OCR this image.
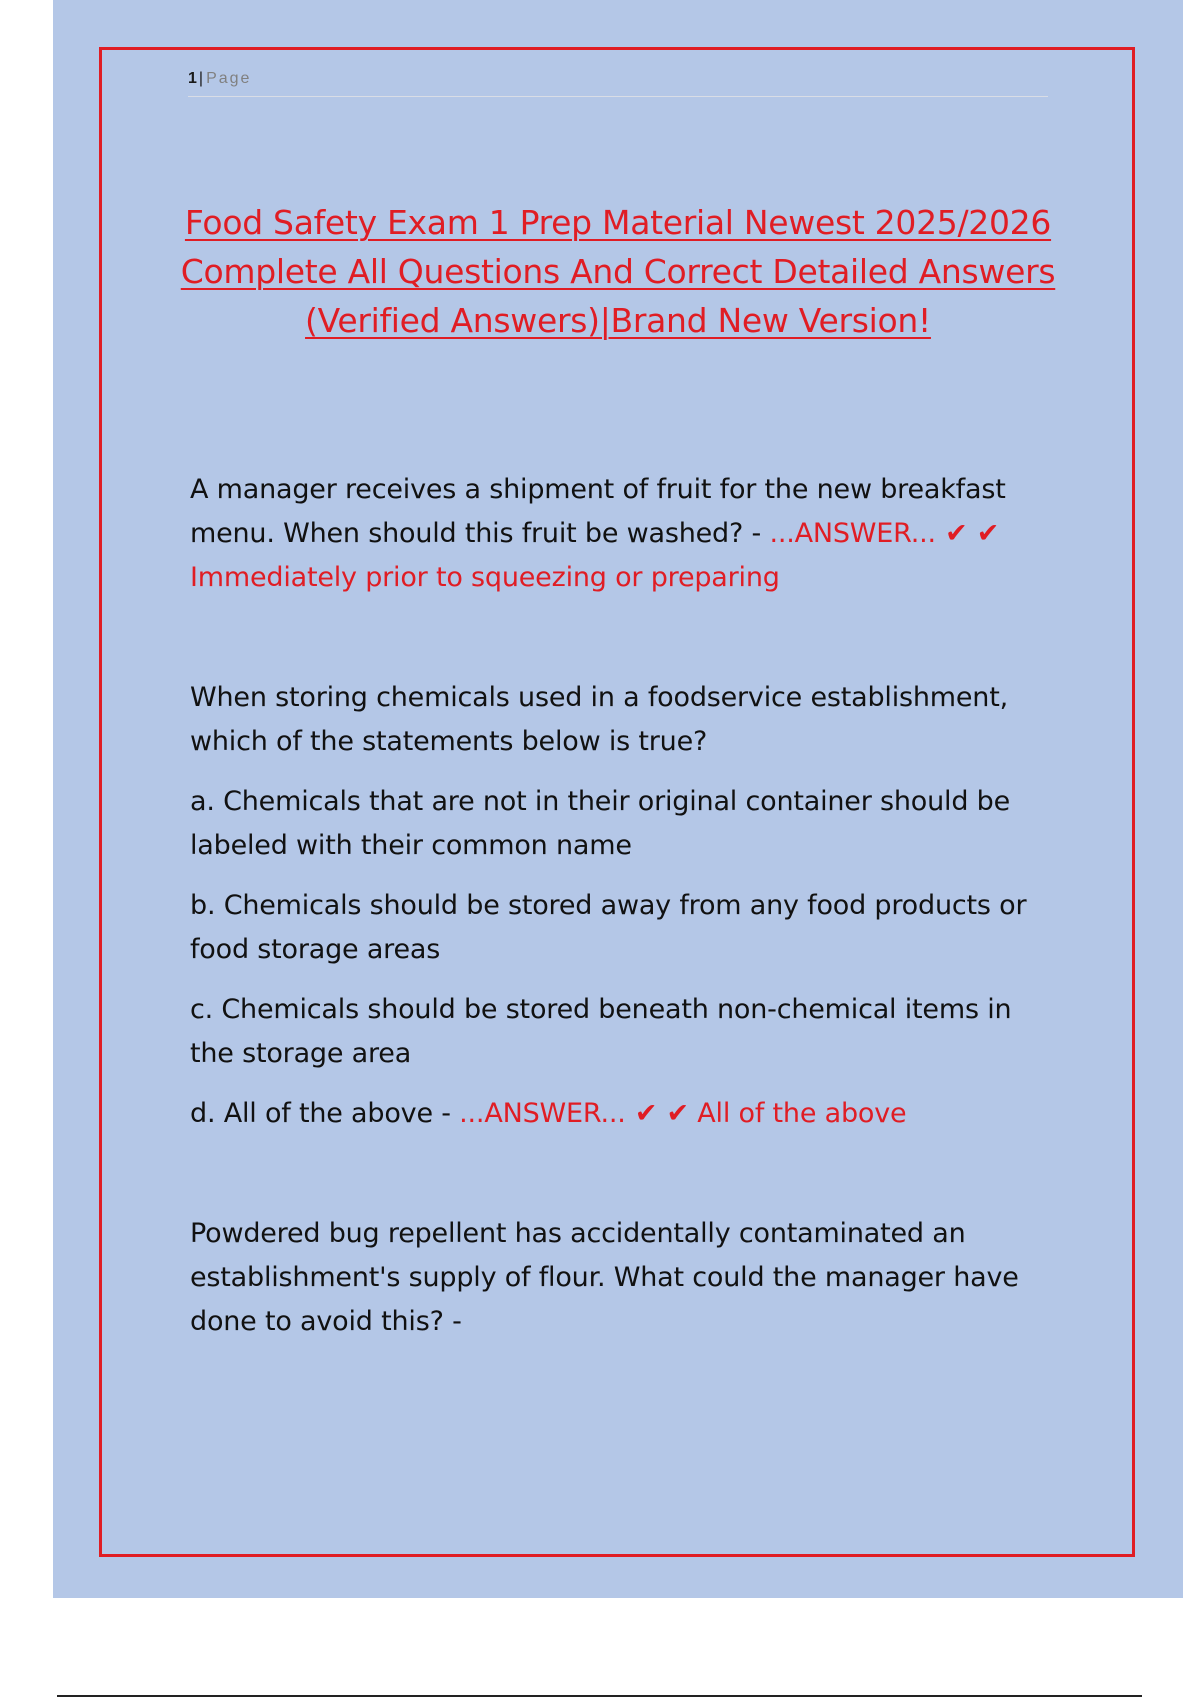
1 | Page
Food Safety Exam 1 Prep Material Newest 2025/2026 Complete All Questions And Correct Detailed Answers (Verified Answers)|Brand New Version!

A manager receives a shipment of fruit for the new breakfast menu. When should this fruit be washed? - ...ANSWER... ✔ ✔ Immediately prior to squeezing or preparing

When storing chemicals used in a foodservice establishment, which of the statements below is true?

a. Chemicals that are not in their original container should be labeled with their common name

b. Chemicals should be stored away from any food products or food storage areas

c. Chemicals should be stored beneath non-chemical items in the storage area

d. All of the above - ...ANSWER... ✔ ✔ All of the above

Powdered bug repellent has accidentally contaminated an establishment's supply of flour. What could the manager have done to avoid this? -
